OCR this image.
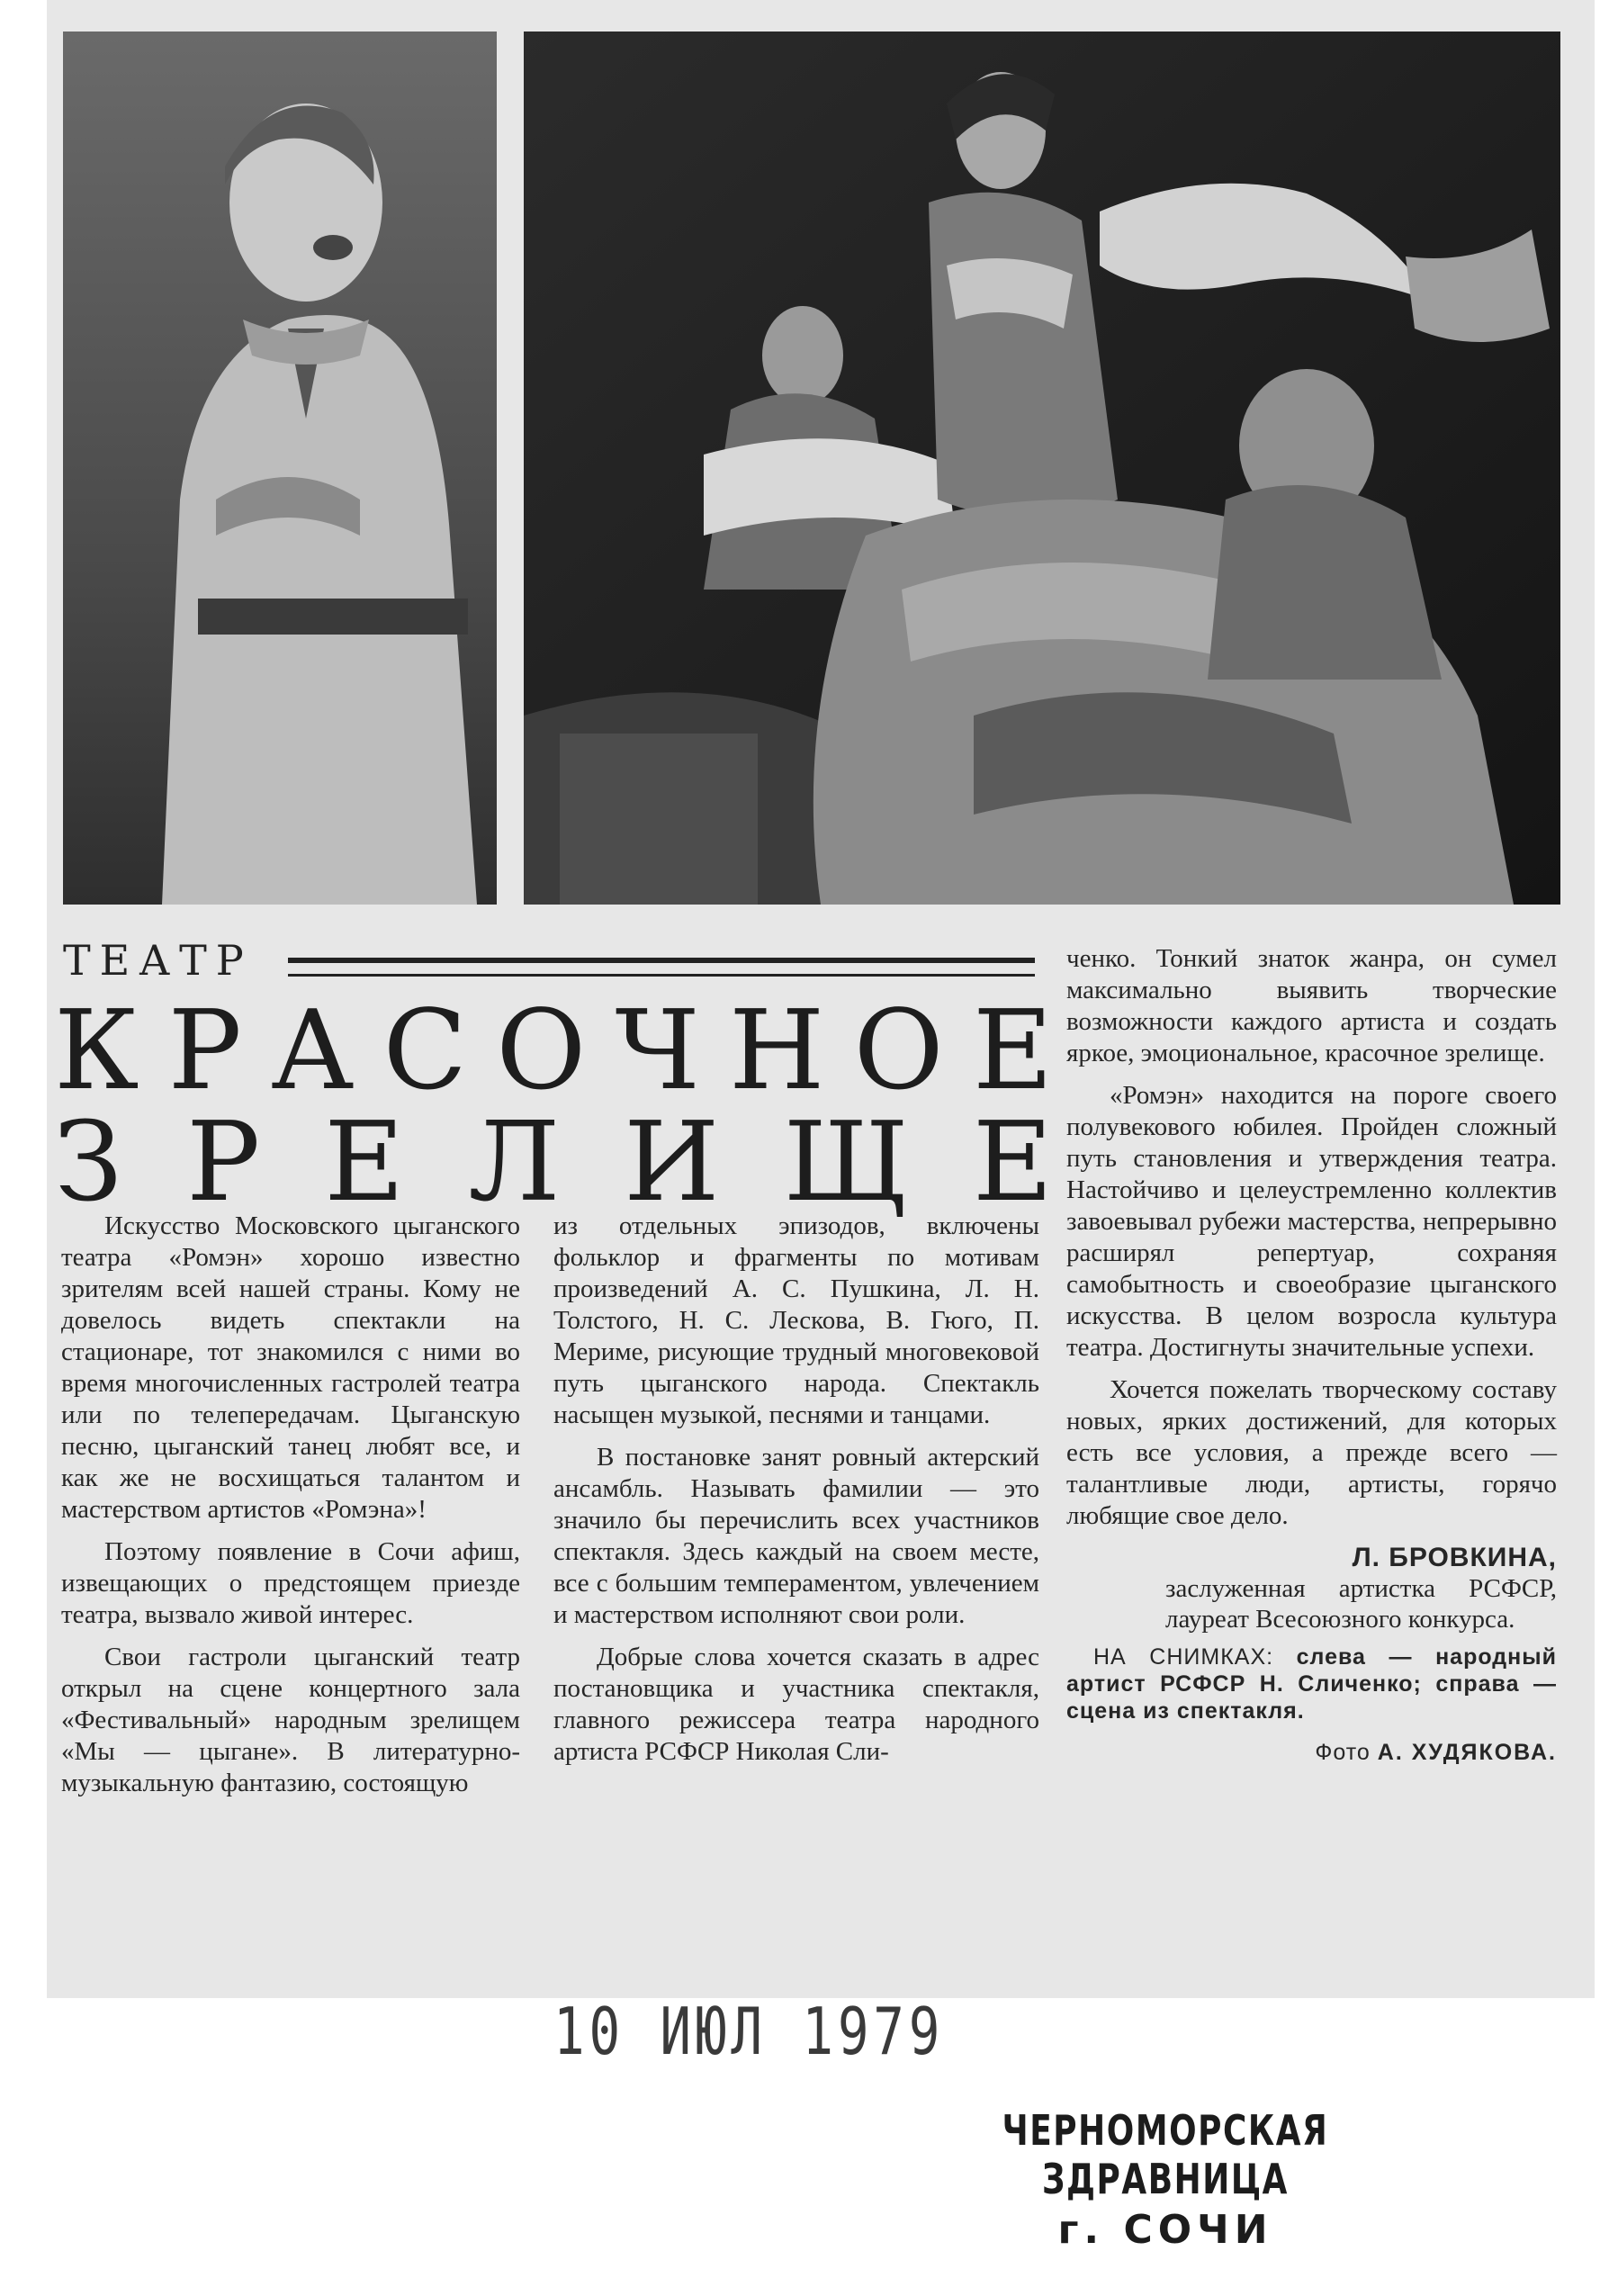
ТЕАТР
К Р А С О Ч Н О Е
З Р Е Л И Щ Е

Искусство Московского цыганского театра «Ромэн» хорошо известно зрителям всей нашей страны. Кому не довелось видеть спектакли на стационаре, тот знакомился с ними во время многочисленных гастролей театра или по телепередачам. Цыганскую песню, цыганский танец любят все, и как же не восхищаться талантом и мастерством артистов «Ромэна»!

Поэтому появление в Сочи афиш, извещающих о предстоящем приезде театра, вызвало живой интерес.

Свои гастроли цыганский театр открыл на сцене концертного зала «Фестивальный» народным зрелищем «Мы — цыгане». В литературно-музыкальную фантазию, состоящую

из отдельных эпизодов, включены фольклор и фрагменты по мотивам произведений А. С. Пушкина, Л. Н. Толстого, Н. С. Лескова, В. Гюго, П. Мериме, рисующие трудный многовековой путь цыганского народа. Спектакль насыщен музыкой, песнями и танцами.

В постановке занят ровный актерский ансамбль. Называть фамилии — это значило бы перечислить всех участников спектакля. Здесь каждый на своем месте, все с большим темпераментом, увлечением и мастерством исполняют свои роли.

Добрые слова хочется сказать в адрес постановщика и участника спектакля, главного режиссера театра народного артиста РСФСР Николая Сли-

ченко. Тонкий знаток жанра, он сумел максимально выявить творческие возможности каждого артиста и создать яркое, эмоциональное, красочное зрелище.

«Ромэн» находится на пороге своего полувекового юбилея. Пройден сложный путь становления и утверждения театра. Настойчиво и целеустремленно коллектив завоевывал рубежи мастерства, непрерывно расширял репертуар, сохраняя самобытность и своеобразие цыганского искусства. В целом возросла культура театра. Достигнуты значительные успехи.

Хочется пожелать творческому составу новых, ярких достижений, для которых есть все условия, а прежде всего — талантливые люди, артисты, горячо любящие свое дело.

Л. БРОВКИНА,
заслуженная артистка РСФСР, лауреат Всесоюзного конкурса.
НА СНИМКАХ: слева — народный артист РСФСР Н. Сличенко; справа — сцена из спектакля.
Фото А. ХУДЯКОВА.
10 ИЮЛ 1979
ЧЕРНОМОРСКАЯ ЗДРАВНИЦА
г. СОЧИ
